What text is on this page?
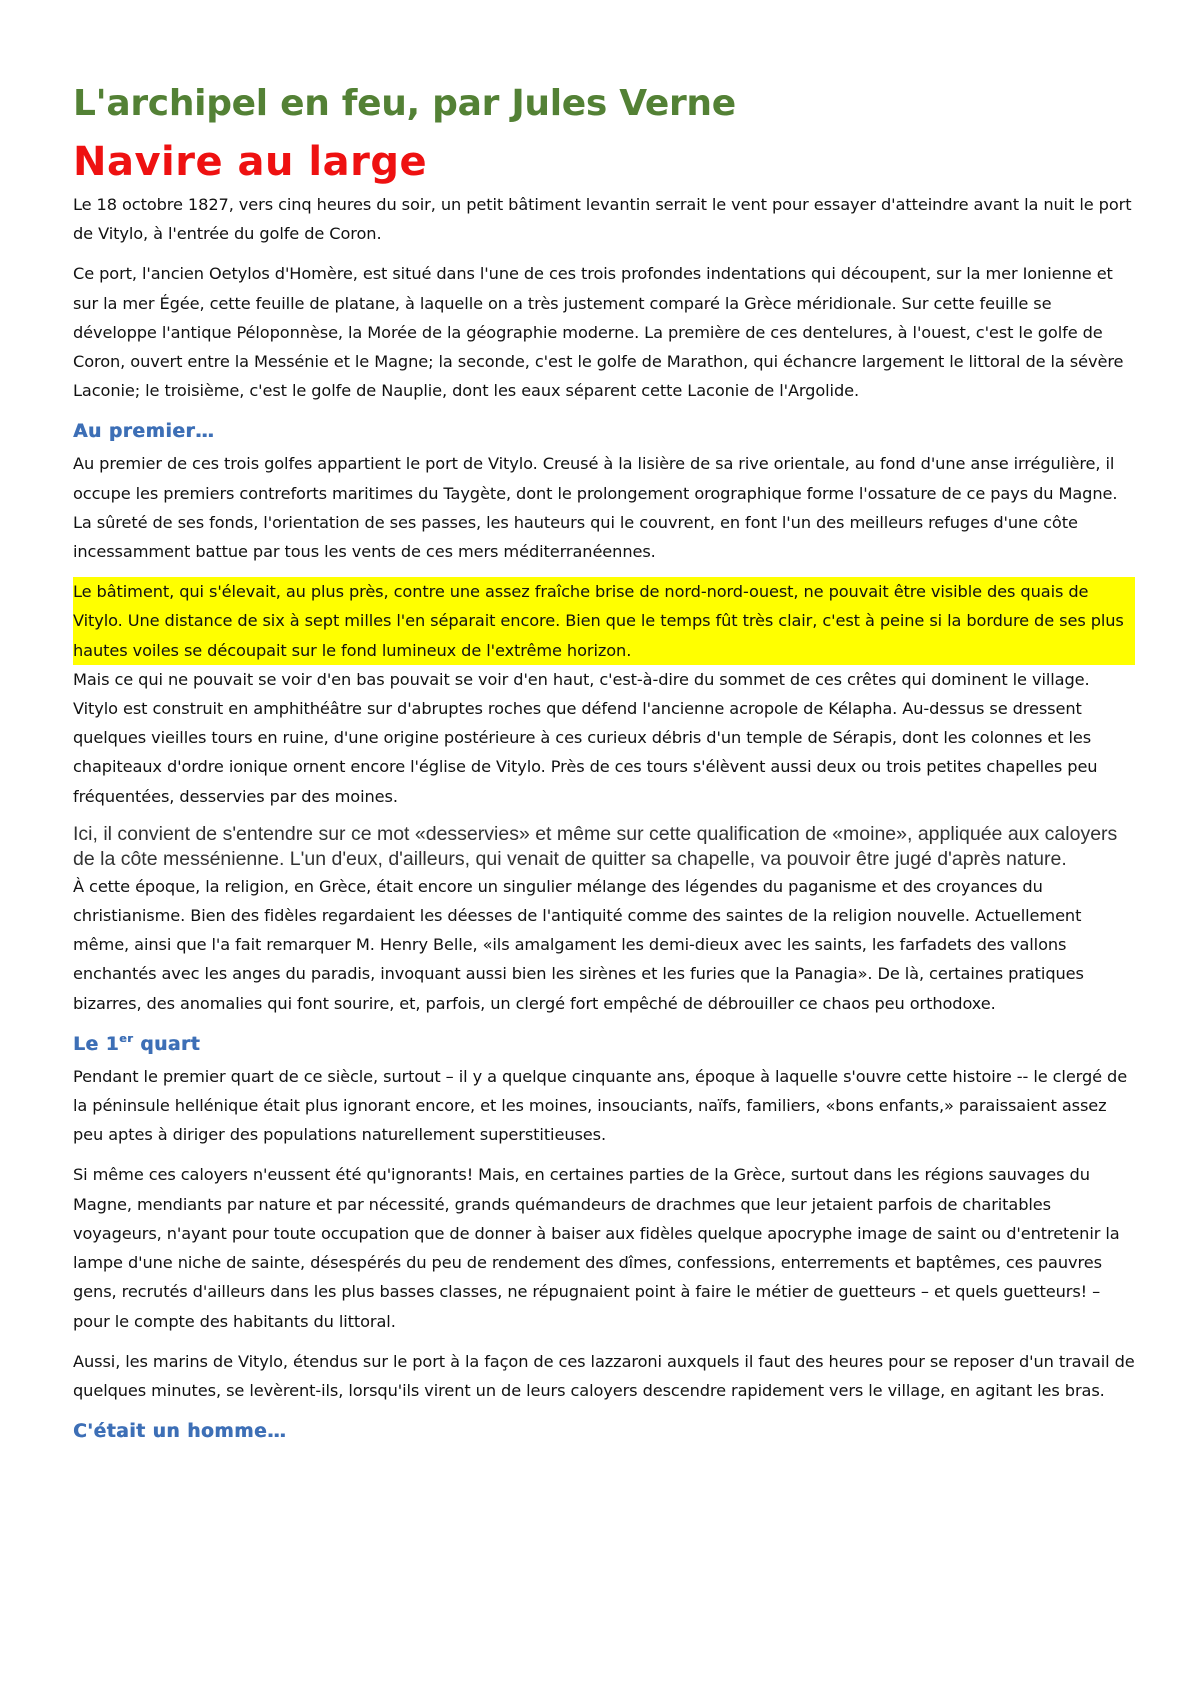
L'archipel en feu, par Jules Verne
Navire au large

Le 18 octobre 1827, vers cinq heures du soir, un petit bâtiment levantin serrait le vent pour essayer d'atteindre avant la nuit le port de Vitylo, à l'entrée du golfe de Coron.

Ce port, l'ancien Oetylos d'Homère, est situé dans l'une de ces trois profondes indentations qui découpent, sur la mer Ionienne et sur la mer Égée, cette feuille de platane, à laquelle on a très justement comparé la Grèce méridionale. Sur cette feuille se développe l'antique Péloponnèse, la Morée de la géographie moderne. La première de ces dentelures, à l'ouest, c'est le golfe de Coron, ouvert entre la Messénie et le Magne; la seconde, c'est le golfe de Marathon, qui échancre largement le littoral de la sévère Laconie; le troisième, c'est le golfe de Nauplie, dont les eaux séparent cette Laconie de l'Argolide.

Au premier…

Au premier de ces trois golfes appartient le port de Vitylo. Creusé à la lisière de sa rive orientale, au fond d'une anse irrégulière, il occupe les premiers contreforts maritimes du Taygète, dont le prolongement orographique forme l'ossature de ce pays du Magne. La sûreté de ses fonds, l'orientation de ses passes, les hauteurs qui le couvrent, en font l'un des meilleurs refuges d'une côte incessamment battue par tous les vents de ces mers méditerranéennes.

Le bâtiment, qui s'élevait, au plus près, contre une assez fraîche brise de nord-nord-ouest, ne pouvait être visible des quais de Vitylo. Une distance de six à sept milles l'en séparait encore. Bien que le temps fût très clair, c'est à peine si la bordure de ses plus hautes voiles se découpait sur le fond lumineux de l'extrême horizon.

Mais ce qui ne pouvait se voir d'en bas pouvait se voir d'en haut, c'est-à-dire du sommet de ces crêtes qui dominent le village. Vitylo est construit en amphithéâtre sur d'abruptes roches que défend l'ancienne acropole de Kélapha. Au-dessus se dressent quelques vieilles tours en ruine, d'une origine postérieure à ces curieux débris d'un temple de Sérapis, dont les colonnes et les chapiteaux d'ordre ionique ornent encore l'église de Vitylo. Près de ces tours s'élèvent aussi deux ou trois petites chapelles peu fréquentées, desservies par des moines.

Ici, il convient de s'entendre sur ce mot «desservies» et même sur cette qualification de «moine», appliquée aux caloyers de la côte messénienne. L'un d'eux, d'ailleurs, qui venait de quitter sa chapelle, va pouvoir être jugé d'après nature.

À cette époque, la religion, en Grèce, était encore un singulier mélange des légendes du paganisme et des croyances du christianisme. Bien des fidèles regardaient les déesses de l'antiquité comme des saintes de la religion nouvelle. Actuellement même, ainsi que l'a fait remarquer M. Henry Belle, «ils amalgament les demi-dieux avec les saints, les farfadets des vallons enchantés avec les anges du paradis, invoquant aussi bien les sirènes et les furies que la Panagia». De là, certaines pratiques bizarres, des anomalies qui font sourire, et, parfois, un clergé fort empêché de débrouiller ce chaos peu orthodoxe.

Le 1er quart

Pendant le premier quart de ce siècle, surtout – il y a quelque cinquante ans, époque à laquelle s'ouvre cette histoire -- le clergé de la péninsule hellénique était plus ignorant encore, et les moines, insouciants, naïfs, familiers, «bons enfants,» paraissaient assez peu aptes à diriger des populations naturellement superstitieuses.

Si même ces caloyers n'eussent été qu'ignorants! Mais, en certaines parties de la Grèce, surtout dans les régions sauvages du Magne, mendiants par nature et par nécessité, grands quémandeurs de drachmes que leur jetaient parfois de charitables voyageurs, n'ayant pour toute occupation que de donner à baiser aux fidèles quelque apocryphe image de saint ou d'entretenir la lampe d'une niche de sainte, désespérés du peu de rendement des dîmes, confessions, enterrements et baptêmes, ces pauvres gens, recrutés d'ailleurs dans les plus basses classes, ne répugnaient point à faire le métier de guetteurs – et quels guetteurs! – pour le compte des habitants du littoral.

Aussi, les marins de Vitylo, étendus sur le port à la façon de ces lazzaroni auxquels il faut des heures pour se reposer d'un travail de quelques minutes, se levèrent-ils, lorsqu'ils virent un de leurs caloyers descendre rapidement vers le village, en agitant les bras.

C'était un homme…
